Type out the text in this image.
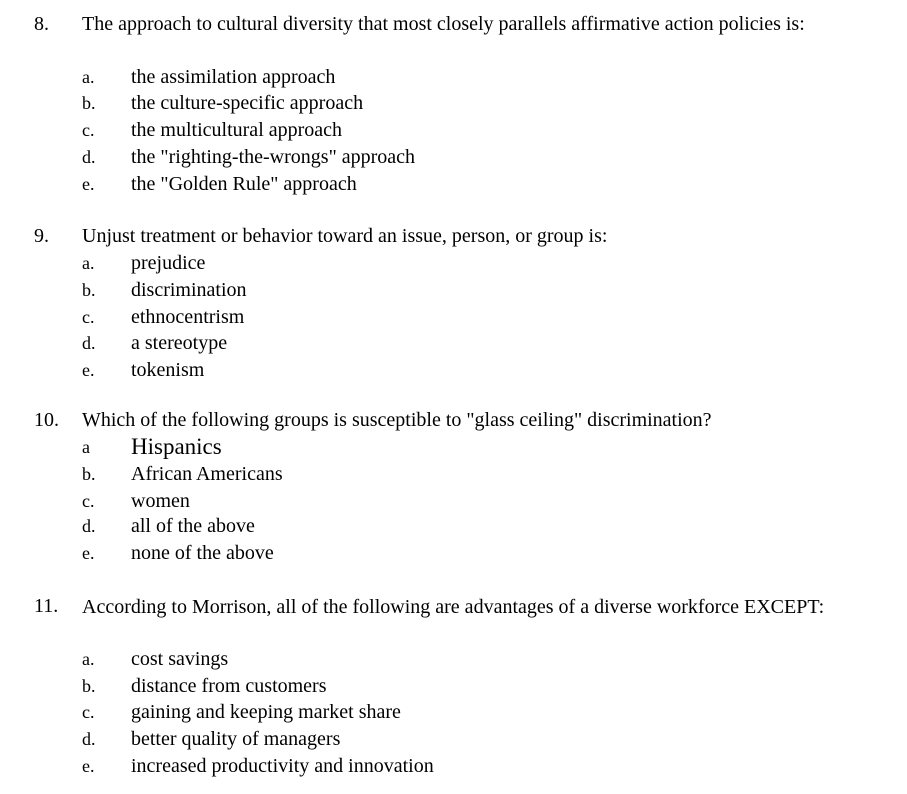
8. The approach to cultural diversity that most closely parallels affirmative action policies is:
a. the assimilation approach
b. the culture-specific approach
c. the multicultural approach
d. the "righting-the-wrongs" approach
e. the "Golden Rule" approach
9. Unjust treatment or behavior toward an issue, person, or group is:
a. prejudice
b. discrimination
c. ethnocentrism
d. a stereotype
e. tokenism
10. Which of the following groups is susceptible to "glass ceiling" discrimination?
a Hispanics
b. African Americans
c. women
d. all of the above
e. none of the above
11. According to Morrison, all of the following are advantages of a diverse workforce EXCEPT:
a. cost savings
b. distance from customers
c. gaining and keeping market share
d. better quality of managers
e. increased productivity and innovation
